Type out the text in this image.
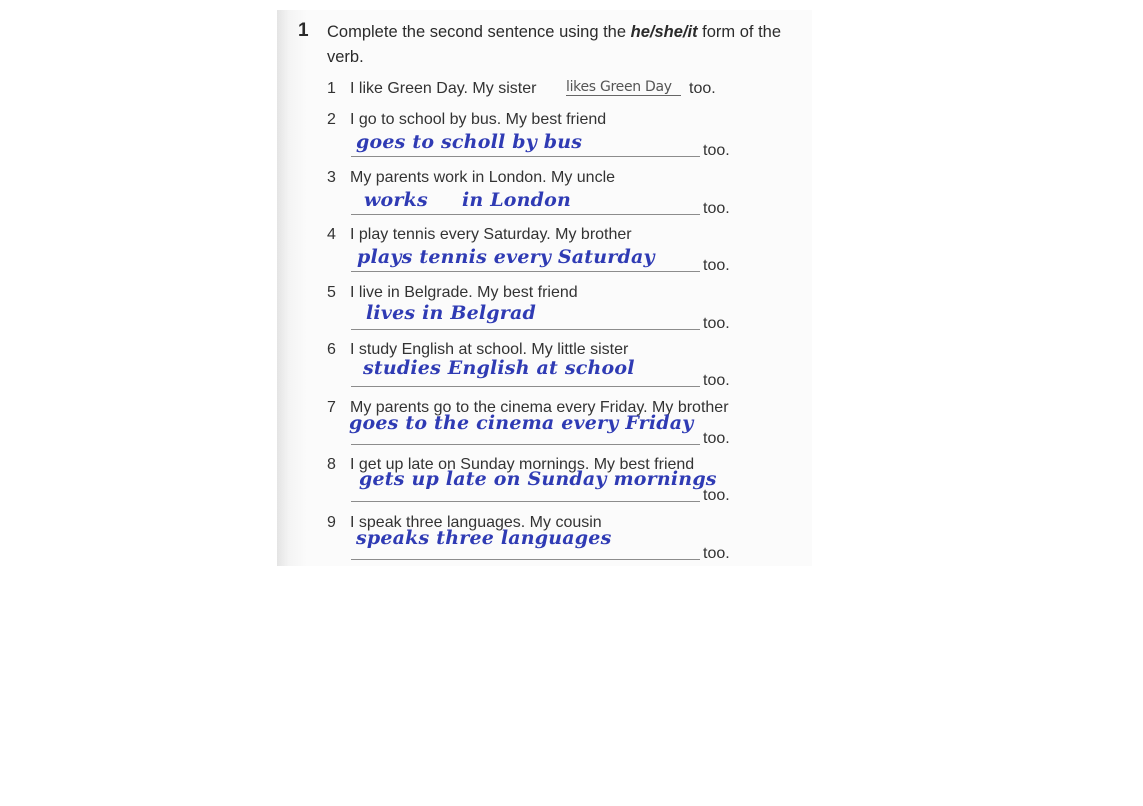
1 Complete the second sentence using the he/she/it form of the verb.
1 I like Green Day. My sister likes Green Day	too.
2 I go to school by bus. My best friend
goes to scholl by bus	too.
3 My parents work in London. My uncle
works     in London	too.
4 I play tennis every Saturday. My brother
plays tennis every Saturday	too.
5 I live in Belgrade. My best friend
lives in Belgrad	too.
6 I study English at school. My little sister
studies English at school
too.
7 My parents go to the cinema every Friday. My brother
goes to the cinema every Friday
too.
8 I get up late on Sunday mornings. My best friend
gets up late on Sunday mornings
too.
9 I speak three languages. My cousin
speaks three languages
too.
